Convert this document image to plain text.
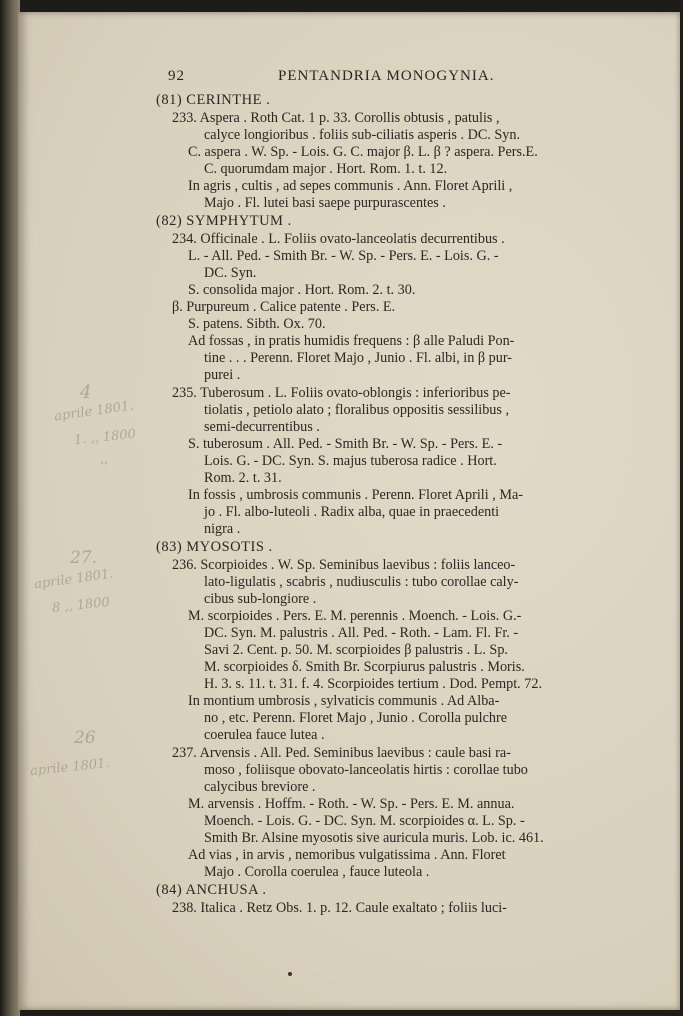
92	PENTANDRIA MONOGYNIA.
(81) CERINTHE .
233. Aspera . Roth Cat. 1 p. 33. Corollis obtusis , patulis ,
calyce longioribus . foliis sub-ciliatis asperis . DC. Syn.
C. aspera . W. Sp. - Lois. G. C. major β. L. β ? aspera. Pers.E.
C. quorumdam major . Hort. Rom. 1. t. 12.
In agris , cultis , ad sepes communis . Ann. Floret Aprili ,
Majo . Fl. lutei basi saepe purpurascentes .
(82) SYMPHYTUM .
234. Officinale . L. Foliis ovato-lanceolatis decurrentibus .
L. - All. Ped. - Smith Br. - W. Sp. - Pers. E. - Lois. G. -
DC. Syn.
S. consolida major . Hort. Rom. 2. t. 30.
β. Purpureum . Calice patente . Pers. E.
S. patens. Sibth. Ox. 70.
Ad fossas , in pratis humidis frequens : β alle Paludi Pon-
tine . . . Perenn. Floret Majo , Junio . Fl. albi, in β pur-
purei .
235. Tuberosum . L. Foliis ovato-oblongis : inferioribus pe-
tiolatis , petiolo alato ; floralibus oppositis sessilibus ,
semi-decurrentibus .
S. tuberosum . All. Ped. - Smith Br. - W. Sp. - Pers. E. -
Lois. G. - DC. Syn. S. majus tuberosa radice . Hort.
Rom. 2. t. 31.
In fossis , umbrosis communis . Perenn. Floret Aprili , Ma-
jo . Fl. albo-luteoli . Radix alba, quae in praecedenti
nigra .
(83) MYOSOTIS .
236. Scorpioides . W. Sp. Seminibus laevibus : foliis lanceo-
lato-ligulatis , scabris , nudiusculis : tubo corollae caly-
cibus sub-longiore .
M. scorpioides . Pers. E. M. perennis . Moench. - Lois. G.-
DC. Syn. M. palustris . All. Ped. - Roth. - Lam. Fl. Fr. -
Savi 2. Cent. p. 50. M. scorpioides β palustris . L. Sp.
M. scorpioides δ. Smith Br. Scorpiurus palustris . Moris.
H. 3. s. 11. t. 31. f. 4. Scorpioides tertium . Dod. Pempt. 72.
In montium umbrosis , sylvaticis communis . Ad Alba-
no , etc. Perenn. Floret Majo , Junio . Corolla pulchre
coerulea fauce lutea .
237. Arvensis . All. Ped. Seminibus laevibus : caule basi ra-
moso , foliisque obovato-lanceolatis hirtis : corollae tubo
calycibus breviore .
M. arvensis . Hoffm. - Roth. - W. Sp. - Pers. E. M. annua.
Moench. - Lois. G. - DC. Syn. M. scorpioides α. L. Sp. -
Smith Br. Alsine myosotis sive auricula muris. Lob. ic. 461.
Ad vias , in arvis , nemoribus vulgatissima . Ann. Floret
Majo . Corolla coerulea , fauce luteola .
(84) ANCHUSA .
238. Italica . Retz Obs. 1. p. 12. Caule exaltato ; foliis luci-
4
aprile 1801.
1. ,, 1800
,,
27.
aprile 1801.
8 ,, 1800
26
aprile 1801.
